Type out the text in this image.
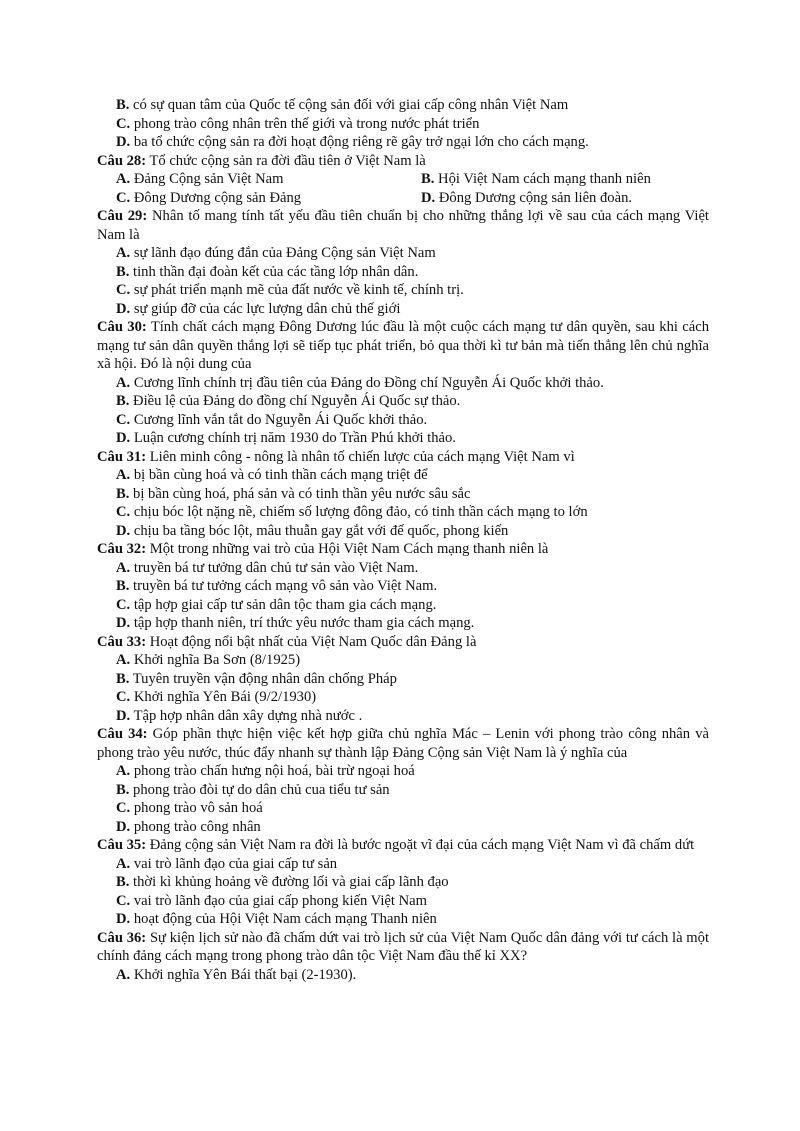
B. có sự quan tâm của Quốc tế cộng sản đối với giai cấp công nhân Việt Nam
C. phong trào công nhân trên thế giới và trong nước phát triển
D. ba tổ chức cộng sản ra đời hoạt động riêng rẽ gây trở ngại lớn cho cách mạng.
Câu 28: Tổ chức cộng sản ra đời đầu tiên ở Việt Nam là
A. Đảng Cộng sản Việt Nam	B. Hội Việt Nam cách mạng thanh niên
C. Đông Dương cộng sản Đảng	D. Đông Dương cộng sản liên đoàn.
Câu 29: Nhân tố mang tính tất yếu đầu tiên chuẩn bị cho những thắng lợi về sau của cách mạng Việt Nam là
A. sự lãnh đạo đúng đắn của Đảng Cộng sản Việt Nam
B. tinh thần đại đoàn kết của các tầng lớp nhân dân.
C. sự phát triển mạnh mẽ của đất nước về kinh tế, chính trị.
D. sự giúp đỡ của các lực lượng dân chủ thế giới
Câu 30: Tính chất cách mạng Đông Dương lúc đầu là một cuộc cách mạng tư dân quyền, sau khi cách mạng tư sản dân quyền thắng lợi sẽ tiếp tục phát triển, bỏ qua thời kì tư bản mà tiến thẳng lên chủ nghĩa xã hội. Đó là nội dung của
A. Cương lĩnh chính trị đầu tiên của Đảng do Đồng chí Nguyễn Ái Quốc khởi thảo.
B. Điều lệ của Đảng do đồng chí Nguyễn Ái Quốc sự thảo.
C. Cương lĩnh vắn tắt do Nguyễn Ái Quốc khởi thảo.
D. Luận cương chính trị năm 1930 do Trần Phú khởi thảo.
Câu 31: Liên minh công - nông là nhân tố chiến lược của cách mạng Việt Nam vì
A. bị bần cùng hoá và có tinh thần cách mạng triệt để
B. bị bần cùng hoá, phá sản và có tinh thần yêu nước sâu sắc
C. chịu bóc lột nặng nề, chiếm số lượng đông đảo, có tinh thần cách mạng to lớn
D. chịu ba tầng bóc lột, mâu thuẫn gay gắt với đế quốc, phong kiến
Câu 32: Một trong những vai trò của Hội Việt Nam Cách mạng thanh niên là
A. truyền bá tư tưởng dân chủ tư sản vào Việt Nam.
B. truyền bá tư tưởng cách mạng vô sản vào Việt Nam.
C. tập hợp giai cấp tư sản dân tộc tham gia cách mạng.
D. tập hợp thanh niên, trí thức yêu nước tham gia cách mạng.
Câu 33: Hoạt động nổi bật nhất của Việt Nam Quốc dân Đảng là
A. Khởi nghĩa Ba Sơn (8/1925)
B. Tuyên truyền vận động nhân dân chống Pháp
C. Khởi nghĩa Yên Bái (9/2/1930)
D. Tập hợp nhân dân xây dựng nhà nước .
Câu 34: Góp phần thực hiện việc kết hợp giữa chủ nghĩa Mác – Lenin với phong trào công nhân và phong trào yêu nước, thúc đẩy nhanh sự thành lập Đảng Cộng sản Việt Nam là ý nghĩa của
A. phong trào chấn hưng nội hoá, bài trừ ngoại hoá
B. phong trào đòi tự do dân chủ cua tiểu tư sản
C. phong trào vô sản hoá
D. phong trào công nhân
Câu 35: Đảng cộng sản Việt Nam ra đời là bước ngoặt vĩ đại của cách mạng Việt Nam vì đã chấm dứt
A. vai trò lãnh đạo của giai cấp tư sản
B. thời kì khủng hoảng về đường lối và giai cấp lãnh đạo
C. vai trò lãnh đạo của giai cấp phong kiến Việt Nam
D. hoạt động của Hội Việt Nam cách mạng Thanh niên
Câu 36: Sự kiện lịch sử nào đã chấm dứt vai trò lịch sử của Việt Nam Quốc dân đảng với tư cách là một chính đảng cách mạng trong phong trào dân tộc Việt Nam đầu thế kỉ XX?
A. Khởi nghĩa Yên Bái thất bại (2-1930).
